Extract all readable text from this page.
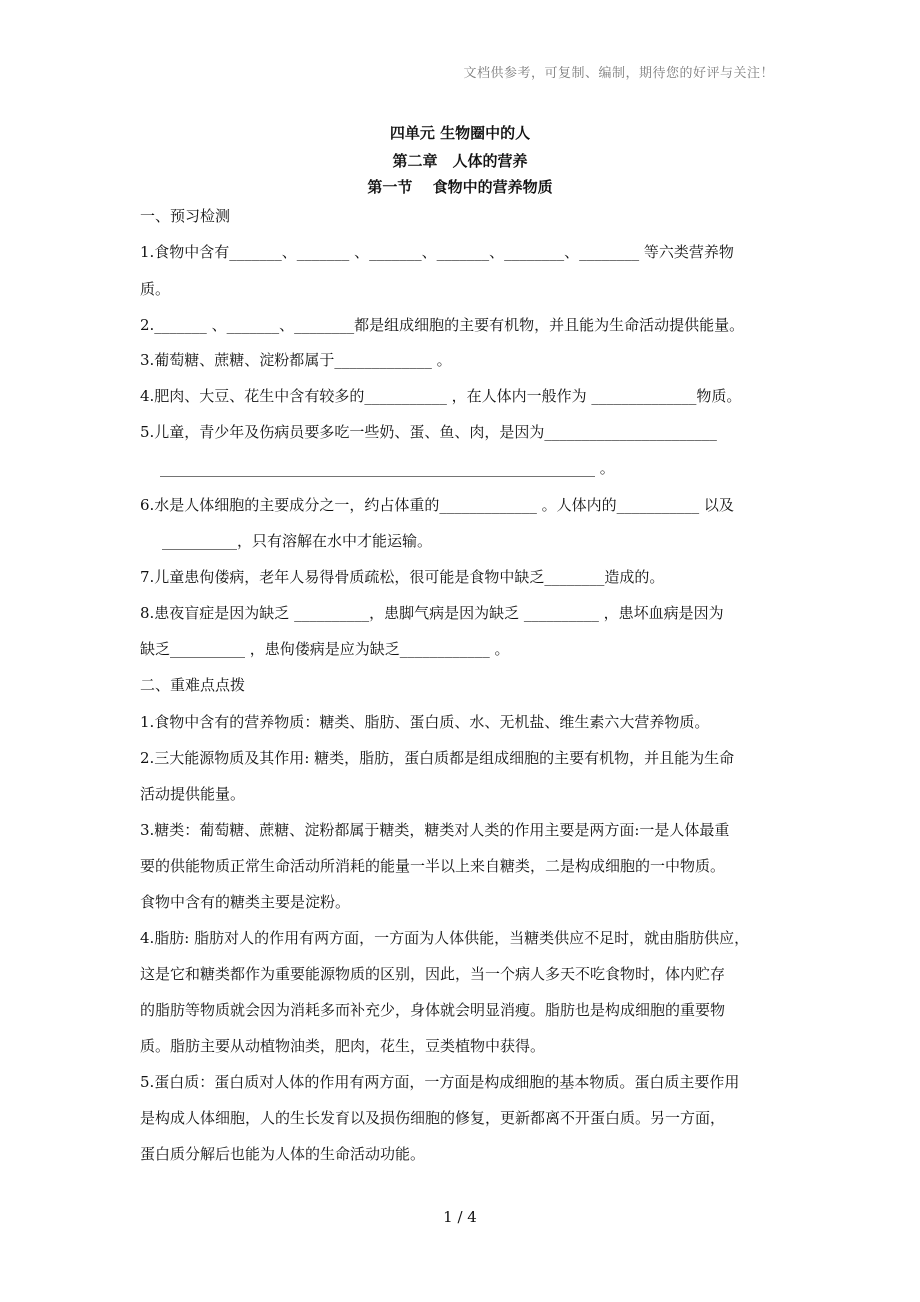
文档供参考，可复制、编制，期待您的好评与关注！
四单元 生物圈中的人
第二章　人体的营养
第一节　 食物中的营养物质
一、预习检测
1.食物中含有_______、_______ 、_______、_______、________、________ 等六类营养物
质。
2._______ 、_______、________都是组成细胞的主要有机物，并且能为生命活动提供能量。
3.葡萄糖、蔗糖、淀粉都属于_____________ 。
4.肥肉、大豆、花生中含有较多的___________ ，在人体内一般作为 ______________物质。
5.儿童，青少年及伤病员要多吃一些奶、蛋、鱼、肉，是因为_______________________
__________________________________________________________ 。
6.水是人体细胞的主要成分之一，约占体重的_____________ 。人体内的___________ 以及
__________，只有溶解在水中才能运输。
7.儿童患佝偻病，老年人易得骨质疏松，很可能是食物中缺乏________造成的。
8.患夜盲症是因为缺乏 __________，患脚气病是因为缺乏 __________ ，患坏血病是因为
缺乏__________ ，患佝偻病是应为缺乏____________ 。
二、重难点点拨
1.食物中含有的营养物质：糖类、脂肪、蛋白质、水、无机盐、维生素六大营养物质。
2.三大能源物质及其作用: 糖类，脂肪，蛋白质都是组成细胞的主要有机物，并且能为生命
活动提供能量。
3.糖类：葡萄糖、蔗糖、淀粉都属于糖类，糖类对人类的作用主要是两方面:一是人体最重
要的供能物质正常生命活动所消耗的能量一半以上来自糖类，二是构成细胞的一中物质。
食物中含有的糖类主要是淀粉。
4.脂肪: 脂肪对人的作用有两方面，一方面为人体供能，当糖类供应不足时，就由脂肪供应，
这是它和糖类都作为重要能源物质的区别，因此，当一个病人多天不吃食物时，体内贮存
的脂肪等物质就会因为消耗多而补充少，身体就会明显消瘦。脂肪也是构成细胞的重要物
质。脂肪主要从动植物油类，肥肉，花生，豆类植物中获得。
5.蛋白质：蛋白质对人体的作用有两方面，一方面是构成细胞的基本物质。蛋白质主要作用
是构成人体细胞，人的生长发育以及损伤细胞的修复，更新都离不开蛋白质。另一方面，
蛋白质分解后也能为人体的生命活动功能。
1 / 4
